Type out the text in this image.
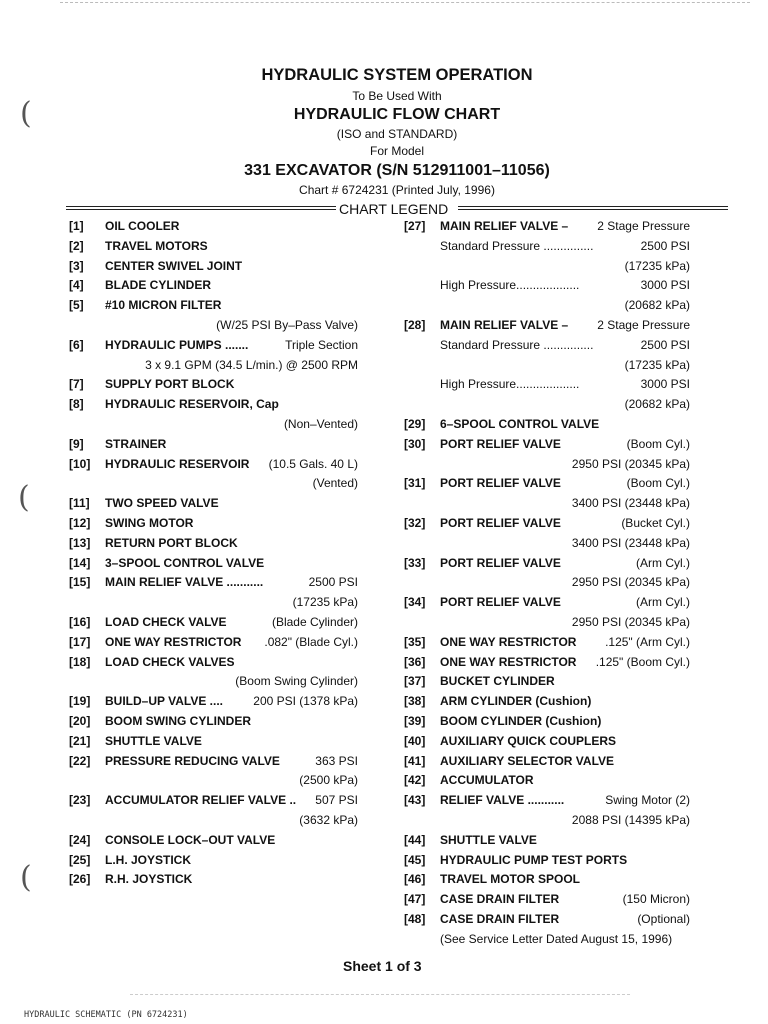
(
(
(
HYDRAULIC SYSTEM OPERATION
To Be Used With
HYDRAULIC FLOW CHART
(ISO and STANDARD)
For Model
331 EXCAVATOR (S/N 512911001–11056)
Chart # 6724231 (Printed July, 1996)
CHART LEGEND
[1] OIL COOLER
[2] TRAVEL MOTORS
[3] CENTER SWIVEL JOINT
[4] BLADE CYLINDER
[5] #10 MICRON FILTER
(W/25 PSI By–Pass Valve)
[6] HYDRAULIC PUMPS .......	Triple Section
3 x 9.1 GPM (34.5 L/min.) @ 2500 RPM
[7] SUPPLY PORT BLOCK
[8] HYDRAULIC RESERVOIR, Cap
(Non–Vented)
[9] STRAINER
[10] HYDRAULIC RESERVOIR (10.5 Gals. 40 L)
(Vented)
[11] TWO SPEED VALVE
[12] SWING MOTOR
[13] RETURN PORT BLOCK
[14] 3–SPOOL CONTROL VALVE
[15] MAIN RELIEF VALVE ...........	2500 PSI
(17235 kPa)
[16] LOAD CHECK VALVE	(Blade Cylinder)
[17] ONE WAY RESTRICTOR .082" (Blade Cyl.)
[18] LOAD CHECK VALVES
(Boom Swing Cylinder)
[19] BUILD–UP VALVE ....	200 PSI (1378 kPa)
[20] BOOM SWING CYLINDER
[21] SHUTTLE VALVE
[22] PRESSURE REDUCING VALVE	363 PSI
(2500 kPa)
[23] ACCUMULATOR RELIEF VALVE .. 507 PSI
(3632 kPa)
[24] CONSOLE LOCK–OUT VALVE
[25] L.H. JOYSTICK
[26] R.H. JOYSTICK
[27] MAIN RELIEF VALVE – 2 Stage Pressure
Standard Pressure ...............	2500 PSI
(17235 kPa)
High Pressure...................	3000 PSI
(20682 kPa)
[28] MAIN RELIEF VALVE – 2 Stage Pressure
Standard Pressure ...............	2500 PSI
(17235 kPa)
High Pressure...................	3000 PSI
(20682 kPa)
[29] 6–SPOOL CONTROL VALVE
[30] PORT RELIEF VALVE	(Boom Cyl.)
2950 PSI (20345 kPa)
[31] PORT RELIEF VALVE	(Boom Cyl.)
3400 PSI (23448 kPa)
[32] PORT RELIEF VALVE	(Bucket Cyl.)
3400 PSI (23448 kPa)
[33] PORT RELIEF VALVE	(Arm Cyl.)
2950 PSI (20345 kPa)
[34] PORT RELIEF VALVE	(Arm Cyl.)
2950 PSI (20345 kPa)
[35] ONE WAY RESTRICTOR .125" (Arm Cyl.)
[36] ONE WAY RESTRICTOR .125" (Boom Cyl.)
[37] BUCKET CYLINDER
[38] ARM CYLINDER (Cushion)
[39] BOOM CYLINDER (Cushion)
[40] AUXILIARY QUICK COUPLERS
[41] AUXILIARY SELECTOR VALVE
[42] ACCUMULATOR
[43] RELIEF VALVE ...........	Swing Motor (2)
2088 PSI (14395 kPa)
[44] SHUTTLE VALVE
[45] HYDRAULIC PUMP TEST PORTS
[46] TRAVEL MOTOR SPOOL
[47] CASE DRAIN FILTER	(150 Micron)
[48] CASE DRAIN FILTER	(Optional)
(See Service Letter Dated August 15, 1996)
Sheet 1 of 3
HYDRAULIC SCHEMATIC (PN 6724231)
